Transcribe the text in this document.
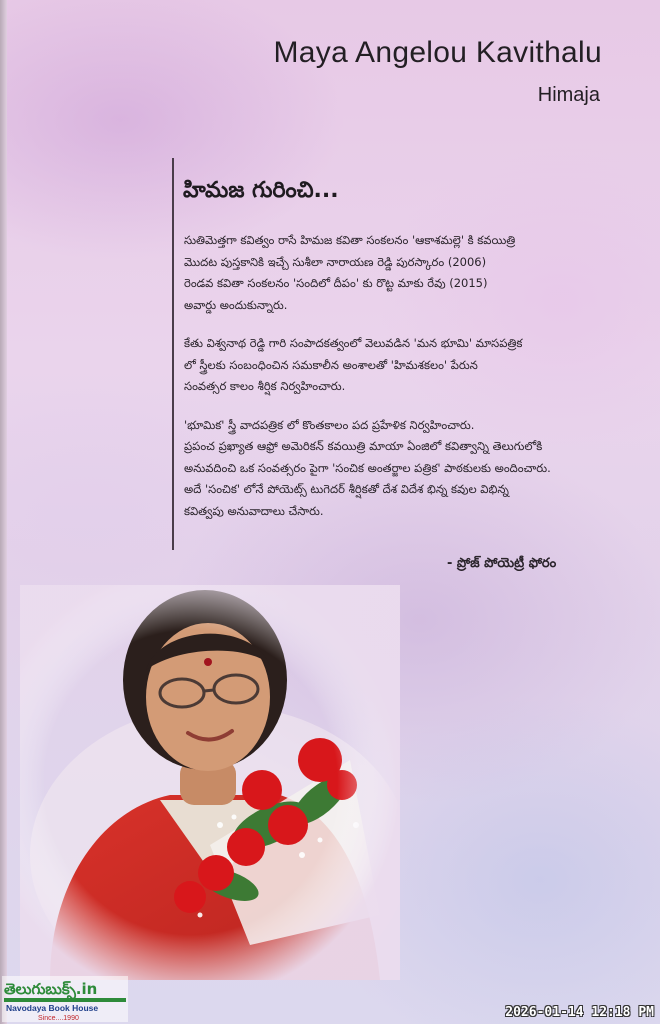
Maya Angelou Kavithalu
Himaja
హిమజ గురించి...

సుతిమెత్తగా కవిత్వం రాసే హిమజ కవితా సంకలనం 'ఆకాశమల్లె' కి కవయిత్రి
మొదట పుస్తకానికి ఇచ్చే సుశీలా నారాయణ రెడ్డి పురస్కారం (2006)
రెండవ కవితా సంకలనం 'సందిలో దీపం' కు రొట్ట మాకు రేవు (2015)
అవార్డు అందుకున్నారు.

కేతు విశ్వనాథ రెడ్డి గారి సంపాదకత్వంలో వెలువడిన 'మన భూమి' మాసపత్రిక
లో స్త్రీలకు సంబంధించిన సమకాలీన అంశాలతో 'హిమశకలం' పేరున
సంవత్సర కాలం శీర్షిక నిర్వహించారు.

'భూమిక' స్త్రీ వాదపత్రిక లో కొంతకాలం పద ప్రహేళిక నిర్వహించారు.
ప్రపంచ ప్రఖ్యాత ఆఫ్రో అమెరికన్ కవయిత్రి మాయా ఏంజిలో కవిత్వాన్ని తెలుగులోకి
అనువదించి ఒక సంవత్సరం పైగా 'సంచిక అంతర్జాల పత్రిక' పాఠకులకు అందించారు.
అదే 'సంచిక' లోనే పోయెట్స్ టుగెదర్ శీర్షికతో దేశ విదేశ భిన్న కవుల విభిన్న
కవిత్వపు అనువాదాలు చేసారు.

- ప్రోజ్ పోయెట్రీ ఫోరం
తెలుగుబుక్స్.in
Navodaya Book House
Since....1990	2026-01-14 12:18 PM
